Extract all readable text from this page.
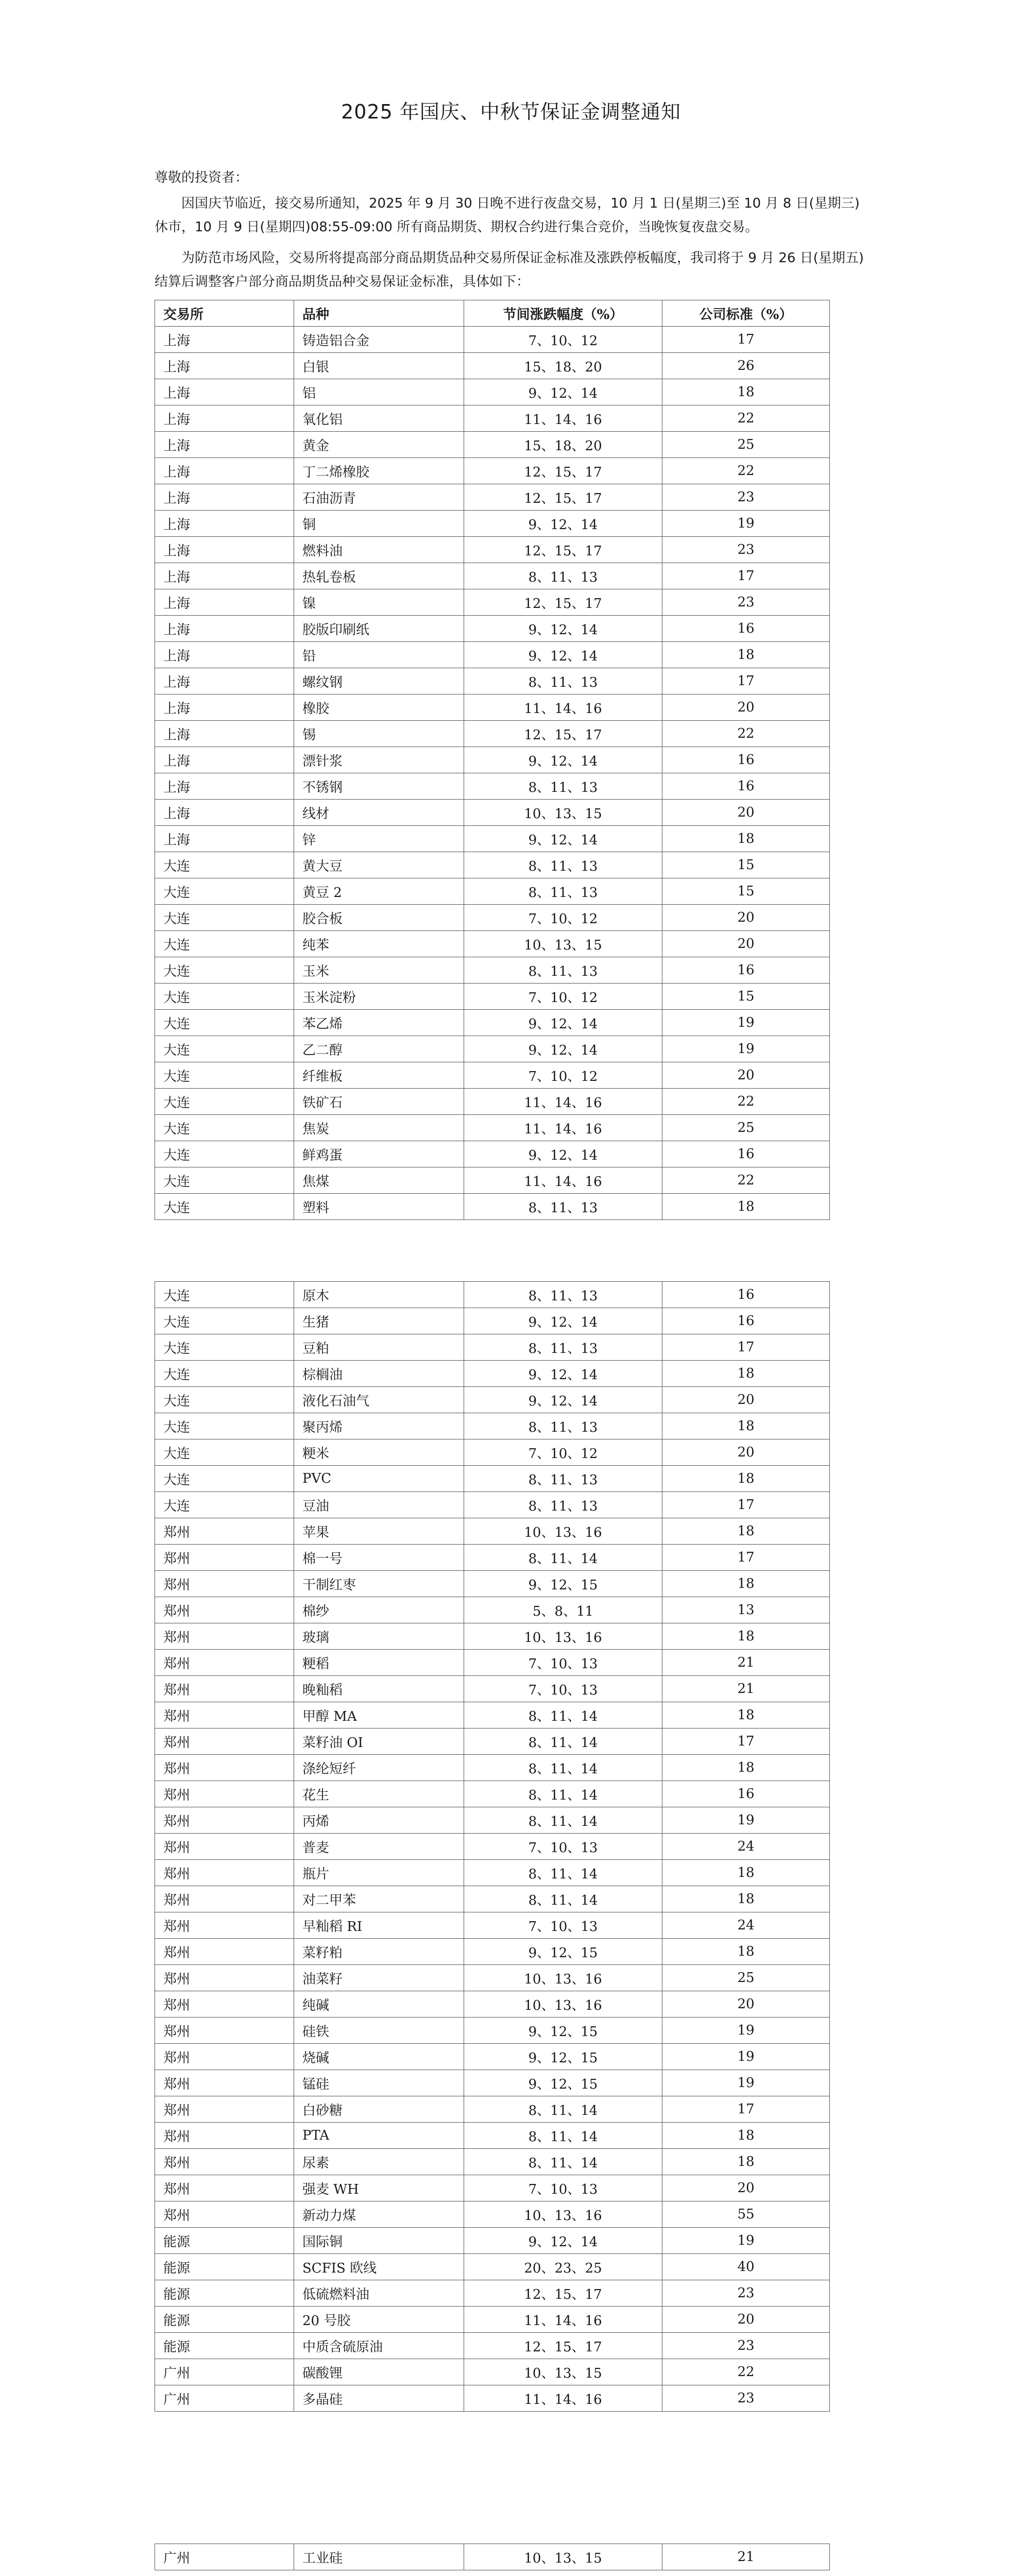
2025 年国庆、中秋节保证金调整通知
尊敬的投资者：
因国庆节临近，接交易所通知，2025 年 9 月 30 日晚不进行夜盘交易，10 月 1 日(星期三)至 10 月 8 日(星期三)休市，10 月 9 日(星期四)08:55-09:00 所有商品期货、期权合约进行集合竞价，当晚恢复夜盘交易。
为防范市场风险，交易所将提高部分商品期货品种交易所保证金标准及涨跌停板幅度，我司将于 9 月 26 日(星期五)结算后调整客户部分商品期货品种交易保证金标准，具体如下：
交易所	品种	节间涨跌幅度（%）	公司标准（%）
上海	铸造铝合金	7、10、12	17
上海	白银	15、18、20	26
上海	铝	9、12、14	18
上海	氧化铝	11、14、16	22
上海	黄金	15、18、20	25
上海	丁二烯橡胶	12、15、17	22
上海	石油沥青	12、15、17	23
上海	铜	9、12、14	19
上海	燃料油	12、15、17	23
上海	热轧卷板	8、11、13	17
上海	镍	12、15、17	23
上海	胶版印刷纸	9、12、14	16
上海	铅	9、12、14	18
上海	螺纹钢	8、11、13	17
上海	橡胶	11、14、16	20
上海	锡	12、15、17	22
上海	漂针浆	9、12、14	16
上海	不锈钢	8、11、13	16
上海	线材	10、13、15	20
上海	锌	9、12、14	18
大连	黄大豆	8、11、13	15
大连	黄豆 2	8、11、13	15
大连	胶合板	7、10、12	20
大连	纯苯	10、13、15	20
大连	玉米	8、11、13	16
大连	玉米淀粉	7、10、12	15
大连	苯乙烯	9、12、14	19
大连	乙二醇	9、12、14	19
大连	纤维板	7、10、12	20
大连	铁矿石	11、14、16	22
大连	焦炭	11、14、16	25
大连	鲜鸡蛋	9、12、14	16
大连	焦煤	11、14、16	22
大连	塑料	8、11、13	18
大连	原木	8、11、13	16
大连	生猪	9、12、14	16
大连	豆粕	8、11、13	17
大连	棕榈油	9、12、14	18
大连	液化石油气	9、12、14	20
大连	聚丙烯	8、11、13	18
大连	粳米	7、10、12	20
大连	PVC	8、11、13	18
大连	豆油	8、11、13	17
郑州	苹果	10、13、16	18
郑州	棉一号	8、11、14	17
郑州	干制红枣	9、12、15	18
郑州	棉纱	5、8、11	13
郑州	玻璃	10、13、16	18
郑州	粳稻	7、10、13	21
郑州	晚籼稻	7、10、13	21
郑州	甲醇 MA	8、11、14	18
郑州	菜籽油 OI	8、11、14	17
郑州	涤纶短纤	8、11、14	18
郑州	花生	8、11、14	16
郑州	丙烯	8、11、14	19
郑州	普麦	7、10、13	24
郑州	瓶片	8、11、14	18
郑州	对二甲苯	8、11、14	18
郑州	早籼稻 RI	7、10、13	24
郑州	菜籽粕	9、12、15	18
郑州	油菜籽	10、13、16	25
郑州	纯碱	10、13、16	20
郑州	硅铁	9、12、15	19
郑州	烧碱	9、12、15	19
郑州	锰硅	9、12、15	19
郑州	白砂糖	8、11、14	17
郑州	PTA	8、11、14	18
郑州	尿素	8、11、14	18
郑州	强麦 WH	7、10、13	20
郑州	新动力煤	10、13、16	55
能源	国际铜	9、12、14	19
能源	SCFIS 欧线	20、23、25	40
能源	低硫燃料油	12、15、17	23
能源	20 号胶	11、14、16	20
能源	中质含硫原油	12、15、17	23
广州	碳酸锂	10、13、15	22
广州	多晶硅	11、14、16	23
广州	工业硅	10、13、15	21
